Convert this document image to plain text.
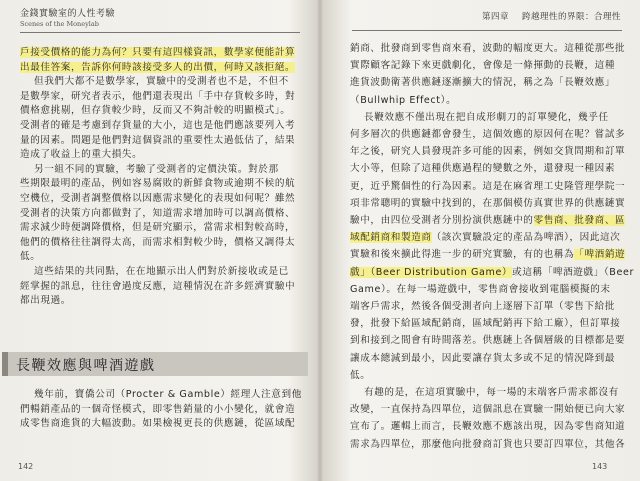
金錢實驗室的人性考驗
Scenes of the Moneylab
戶接受價格的能力為何？只要有這四樣資訊，數學家便能計算
出最佳答案，告訴你何時該接受多人的出價，何時又該拒絕。
但我們大都不是數學家，實驗中的受測者也不是，不但不
是數學家，研究者表示，他們還表現出「手中存貨較多時，對
價格愈挑剔，但存貨較少時，反而又不夠計較的明顯模式」。
受測者的確是考慮到存貨量的大小，這也是他們應該要列入考
量的因素。問題是他們對這個資訊的重要性太過低估了，結果
造成了收益上的重大損失。
另一組不同的實驗，考驗了受測者的定價決策。對於那
些期限最明的產品，例如容易腐敗的新鮮食物或逾期不候的航
空機位，受測者調整價格以因應需求變化的表現如何呢？雖然
受測者的決策方向都做對了，知道需求增加時可以調高價格、
需求減少時便調降價格，但是研究顯示，當需求相對較高時，
他們的價格往往調得太高，而需求相對較少時，價格又調得太
低。
這些結果的共同點，在在地顯示出人們對於新接收或是已
經掌握的訊息，往往會過度反應，這種情況在許多經濟實驗中
都出現過。
長鞭效應與啤酒遊戲
幾年前，寶僑公司（Procter & Gamble）經理人注意到他
們暢銷產品的一個奇怪模式，即零售銷量的小小變化，就會造
成零售商進貨的大幅波動。如果檢視更長的供應鏈，從區域配
142
第四章 跨越理性的界限：合理性
銷商、批發商到零售商來看，波動的幅度更大。這種從那些批
實際顧客記錄下來更戲劇化，會像是一條揮動的長鞭，這種
進貨波動衛著供應鏈逐漸擴大的情況，稱之為「長鞭效應」
（Bullwhip Effect）。
長鞭效應不僅出現在把自成形劇刀的訂單變化，幾乎任
何多層次的供應鏈都會發生，這個效應的原因何在呢？嘗試多
年之後，研究人員發現許多可能的因素，例如交貨問期和訂單
大小等，但除了這種供應過程的變數之外，還發現一種因素
更，近乎驚個性的行為因素。這是在麻省理工史隆管理學院一
項非常聰明的實驗中找到的，在那個模仿真實世界的供應鏈實
驗中，由四位受測者分別扮演供應鏈中的零售商、批發商、區
域配銷商和製造商（該次實驗設定的產品為啤酒），因此這次
實驗和後來擴此得進一步的研究實驗，有的也稱為「啤酒銷遊
戲」（Beer Distribution Game）或這稱「啤酒遊戲」（Beer
Game）。在每一場遊戲中，零售商會接收到電腦模擬的末
端客戶需求，然後各個受測者向上逐層下訂單（零售下給批
發，批發下給區域配銷商，區域配銷再下給工廠），但訂單接
到和接到之間會有時間落差。供應鏈上各個層級的目標都是要
讓成本總減到最小，因此要讓存貨太多或不足的情況降到最
低。
有趣的是，在這項實驗中，每一場的末端客戶需求都沒有
改變，一直保持為四單位，這個訊息在實驗一開始便已向大家
宣布了。邏輯上而言，長鞭效應不應該出現，因為零售商知道
需求為四單位，那麼他向批發商訂貨也只要訂四單位，其他各
143
